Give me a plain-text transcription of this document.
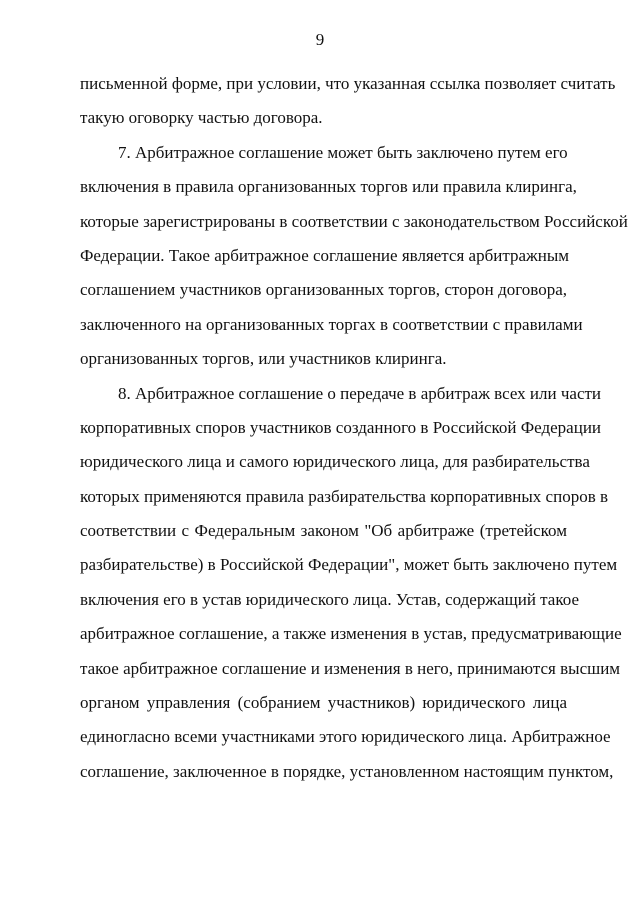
9
письменной форме, при условии, что указанная ссылка позволяет считать
такую оговорку частью договора.
7. Арбитражное соглашение может быть заключено путем его
включения в правила организованных торгов или правила клиринга,
которые зарегистрированы в соответствии с законодательством Российской
Федерации. Такое арбитражное соглашение является арбитражным
соглашением участников организованных торгов, сторон договора,
заключенного на организованных торгах в соответствии с правилами
организованных торгов, или участников клиринга.
8. Арбитражное соглашение о передаче в арбитраж всех или части
корпоративных споров участников созданного в Российской Федерации
юридического лица и самого юридического лица, для разбирательства
которых применяются правила разбирательства корпоративных споров в
соответствии с Федеральным законом "Об арбитраже (третейском
разбирательстве) в Российской Федерации", может быть заключено путем
включения его в устав юридического лица. Устав, содержащий такое
арбитражное соглашение, а также изменения в устав, предусматривающие
такое арбитражное соглашение и изменения в него, принимаются высшим
органом управления (собранием участников) юридического лица
единогласно всеми участниками этого юридического лица. Арбитражное
соглашение, заключенное в порядке, установленном настоящим пунктом,
